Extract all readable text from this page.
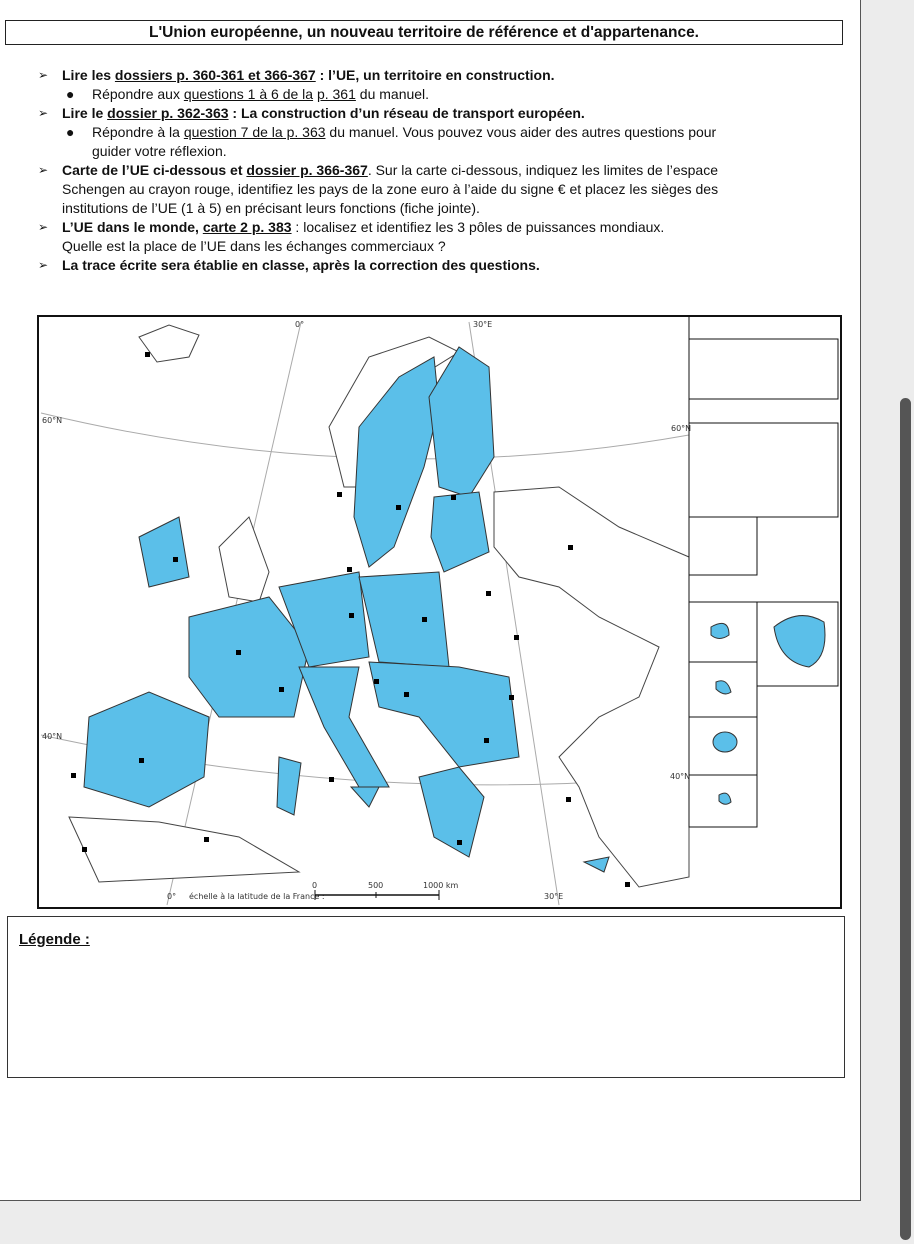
L'Union européenne, un nouveau territoire de référence et d'appartenance.
➢ Lire les dossiers p. 360-361 et 366-367 : l’UE, un territoire en construction.
●	Répondre aux questions 1 à 6 de la p. 361 du manuel.
➢ Lire le dossier p. 362-363 : La construction d’un réseau de transport européen.
●	Répondre à la question 7 de la p. 363 du manuel. Vous pouvez vous aider des autres questions pour
guider votre réflexion.
➢ Carte de l’UE ci-dessous et dossier p. 366-367. Sur la carte ci-dessous, indiquez les limites de l’espace
Schengen au crayon rouge, identifiez les pays de la zone euro à l’aide du signe € et placez les sièges des
institutions de l’UE (1 à 5) en précisant leurs fonctions (fiche jointe).
➢ L’UE dans le monde, carte 2 p. 383 : localisez et identifiez les 3 pôles de puissances mondiaux.
Quelle est la place de l’UE dans les échanges commerciaux ?
➢ La trace écrite sera établie en classe, après la correction des questions.
0°	30°E
60°N
40°N
60°N
40°N
0°	30°E
échelle à la latitude de la France :
0	500	1000 km
Légende :
